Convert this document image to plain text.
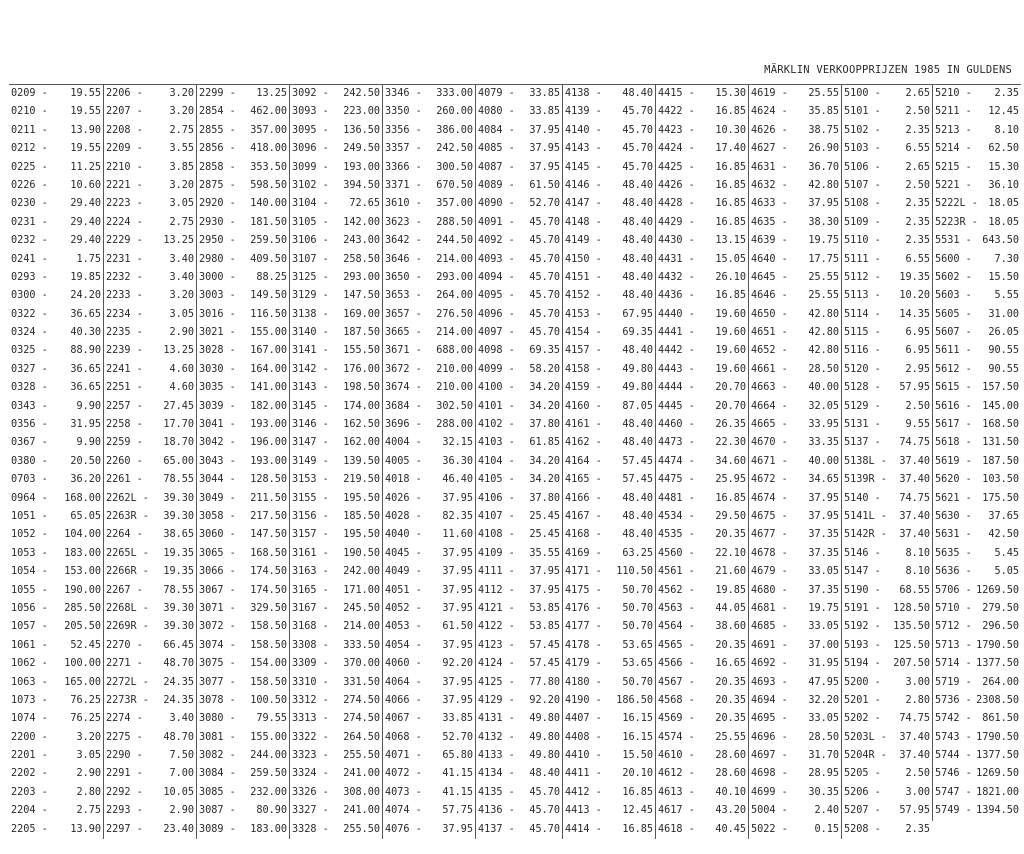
MÄRKLIN VERKOOPPRIJZEN 1985 IN GULDENS
0209 - 19.55
0210 - 19.55
0211 - 13.90
0212 - 19.55
0225 - 11.25
0226 - 10.60
0230 - 29.40
0231 - 29.40
0232 - 29.40
0241 -	1.75
0293 - 19.85
0300 - 24.20
0322 - 36.65
0324 - 40.30
0325 - 88.90
0327 - 36.65
0328 - 36.65
0343 -	9.90
0356 - 31.95
0367 -	9.90
0380 - 20.50
0703 - 36.20
0964 - 168.00
1051 - 65.05
1052 - 104.00
1053 - 183.00
1054 - 153.00
1055 - 190.00
1056 - 285.50
1057 - 205.50
1061 - 52.45
1062 - 100.00
1063 - 165.00
1073 - 76.25
1074 - 76.25
2200 -	3.20
2201 -	3.05
2202 -	2.90
2203 -	2.80
2204 -	2.75
2205 - 13.90
2206 -	3.20
2207 -	3.20
2208 -	2.75
2209 -	3.55
2210 -	3.85
2221 -	3.20
2223 -	3.05
2224 -	2.75
2229 - 13.25
2231 -	3.40
2232 -	3.40
2233 -	3.20
2234 -	3.05
2235 -	2.90
2239 - 13.25
2241 -	4.60
2251 -	4.60
2257 - 27.45
2258 - 17.70
2259 - 18.70
2260 - 65.00
2261 - 78.55
2262L - 39.30
2263R - 39.30
2264 - 38.65
2265L - 19.35
2266R - 19.35
2267 - 78.55
2268L - 39.30
2269R - 39.30
2270 - 66.45
2271 - 48.70
2272L - 24.35
2273R - 24.35
2274 -	3.40
2275 - 48.70
2290 -	7.50
2291 -	7.00
2292 - 10.05
2293 -	2.90
2297 - 23.40
2299 - 13.25
2854 - 462.00
2855 - 357.00
2856 - 418.00
2858 - 353.50
2875 - 598.50
2920 - 140.00
2930 - 181.50
2950 - 259.50
2980 - 409.50
3000 - 88.25
3003 - 149.50
3016 - 116.50
3021 - 155.00
3028 - 167.00
3030 - 164.00
3035 - 141.00
3039 - 182.00
3041 - 193.00
3042 - 196.00
3043 - 193.00
3044 - 128.50
3049 - 211.50
3058 - 217.50
3060 - 147.50
3065 - 168.50
3066 - 174.50
3067 - 174.50
3071 - 329.50
3072 - 158.50
3074 - 158.50
3075 - 154.00
3077 - 158.50
3078 - 100.50
3080 - 79.55
3081 - 155.00
3082 - 244.00
3084 - 259.50
3085 - 232.00
3087 - 80.90
3089 - 183.00
3092 - 242.50
3093 - 223.00
3095 - 136.50
3096 - 249.50
3099 - 193.00
3102 - 394.50
3104 - 72.65
3105 - 142.00
3106 - 243.00
3107 - 258.50
3125 - 293.00
3129 - 147.50
3138 - 169.00
3140 - 187.50
3141 - 155.50
3142 - 176.00
3143 - 198.50
3145 - 174.00
3146 - 162.50
3147 - 162.00
3149 - 139.50
3153 - 219.50
3155 - 195.50
3156 - 185.50
3157 - 195.50
3161 - 190.50
3163 - 242.00
3165 - 171.00
3167 - 245.50
3168 - 214.00
3308 - 333.50
3309 - 370.00
3310 - 331.50
3312 - 274.50
3313 - 274.50
3322 - 264.50
3323 - 255.50
3324 - 241.00
3326 - 308.00
3327 - 241.00
3328 - 255.50
3346 - 333.00
3350 - 260.00
3356 - 386.00
3357 - 242.50
3366 - 300.50
3371 - 670.50
3610 - 357.00
3623 - 288.50
3642 - 244.50
3646 - 214.00
3650 - 293.00
3653 - 264.00
3657 - 276.50
3665 - 214.00
3671 - 688.00
3672 - 210.00
3674 - 210.00
3684 - 302.50
3696 - 288.00
4004 - 32.15
4005 - 36.30
4018 - 46.40
4026 - 37.95
4028 - 82.35
4040 - 11.60
4045 - 37.95
4049 - 37.95
4051 - 37.95
4052 - 37.95
4053 - 61.50
4054 - 37.95
4060 - 92.20
4064 - 37.95
4066 - 37.95
4067 - 33.85
4068 - 52.70
4071 - 65.80
4072 - 41.15
4073 - 41.15
4074 - 57.75
4076 - 37.95
4079 - 33.85
4080 - 33.85
4084 - 37.95
4085 - 37.95
4087 - 37.95
4089 - 61.50
4090 - 52.70
4091 - 45.70
4092 - 45.70
4093 - 45.70
4094 - 45.70
4095 - 45.70
4096 - 45.70
4097 - 45.70
4098 - 69.35
4099 - 58.20
4100 - 34.20
4101 - 34.20
4102 - 37.80
4103 - 61.85
4104 - 34.20
4105 - 34.20
4106 - 37.80
4107 - 25.45
4108 - 25.45
4109 - 35.55
4111 - 37.95
4112 - 37.95
4121 - 53.85
4122 - 53.85
4123 - 57.45
4124 - 57.45
4125 - 77.80
4129 - 92.20
4131 - 49.80
4132 - 49.80
4133 - 49.80
4134 - 48.40
4135 - 45.70
4136 - 45.70
4137 - 45.70
4138 - 48.40
4139 - 45.70
4140 - 45.70
4143 - 45.70
4145 - 45.70
4146 - 48.40
4147 - 48.40
4148 - 48.40
4149 - 48.40
4150 - 48.40
4151 - 48.40
4152 - 48.40
4153 - 67.95
4154 - 69.35
4157 - 48.40
4158 - 49.80
4159 - 49.80
4160 - 87.05
4161 - 48.40
4162 - 48.40
4164 - 57.45
4165 - 57.45
4166 - 48.40
4167 - 48.40
4168 - 48.40
4169 - 63.25
4171 - 110.50
4175 - 50.70
4176 - 50.70
4177 - 50.70
4178 - 53.65
4179 - 53.65
4180 - 50.70
4190 - 186.50
4407 - 16.15
4408 - 16.15
4410 - 15.50
4411 - 20.10
4412 - 16.85
4413 - 12.45
4414 - 16.85
4415 - 15.30
4422 - 16.85
4423 - 10.30
4424 - 17.40
4425 - 16.85
4426 - 16.85
4428 - 16.85
4429 - 16.85
4430 - 13.15
4431 - 15.05
4432 - 26.10
4436 - 16.85
4440 - 19.60
4441 - 19.60
4442 - 19.60
4443 - 19.60
4444 - 20.70
4445 - 20.70
4460 - 26.35
4473 - 22.30
4474 - 34.60
4475 - 25.95
4481 - 16.85
4534 - 29.50
4535 - 20.35
4560 - 22.10
4561 - 21.60
4562 - 19.85
4563 - 44.05
4564 - 38.60
4565 - 20.35
4566 - 16.65
4567 - 20.35
4568 - 20.35
4569 - 20.35
4574 - 25.55
4610 - 28.60
4612 - 28.60
4613 - 40.10
4617 - 43.20
4618 - 40.45
4619 - 25.55
4624 - 35.85
4626 - 38.75
4627 - 26.90
4631 - 36.70
4632 - 42.80
4633 - 37.95
4635 - 38.30
4639 - 19.75
4640 - 17.75
4645 - 25.55
4646 - 25.55
4650 - 42.80
4651 - 42.80
4652 - 42.80
4661 - 28.50
4663 - 40.00
4664 - 32.05
4665 - 33.95
4670 - 33.35
4671 - 40.00
4672 - 34.65
4674 - 37.95
4675 - 37.95
4677 - 37.35
4678 - 37.35
4679 - 33.05
4680 - 37.35
4681 - 19.75
4685 - 33.05
4691 - 37.00
4692 - 31.95
4693 - 47.95
4694 - 32.20
4695 - 33.05
4696 - 28.50
4697 - 31.70
4698 - 28.95
4699 - 30.35
5004 -	2.40
5022 -	0.15
5100 - 2.65
5101 - 2.50
5102 - 2.35
5103 - 6.55
5106 - 2.65
5107 - 2.50
5108 - 2.35
5109 - 2.35
5110 - 2.35
5111 - 6.55
5112 - 19.35
5113 - 10.20
5114 - 14.35
5115 - 6.95
5116 - 6.95
5120 - 2.95
5128 - 57.95
5129 - 2.50
5131 - 9.55
5137 - 74.75
5138L - 37.40
5139R - 37.40
5140 - 74.75
5141L - 37.40
5142R - 37.40
5146 - 8.10
5147 - 8.10
5190 - 68.55
5191 - 128.50
5192 - 135.50
5193 - 125.50
5194 - 207.50
5200 - 3.00
5201 - 2.80
5202 - 74.75
5203L - 37.40
5204R - 37.40
5205 - 2.50
5206 - 3.00
5207 - 57.95
5208 - 2.35
5210 - 2.35
5211 - 12.45
5213 - 8.10
5214 - 62.50
5215 - 15.30
5221 - 36.10
5222L - 18.05
5223R - 18.05
5531 - 643.50
5600 - 7.30
5602 - 15.50
5603 - 5.55
5605 - 31.00
5607 - 26.05
5611 - 90.55
5612 - 90.55
5615 - 157.50
5616 - 145.00
5617 - 168.50
5618 - 131.50
5619 - 187.50
5620 - 103.50
5621 - 175.50
5630 - 37.65
5631 - 42.50
5635 - 5.45
5636 - 5.05
5706 - 1269.50
5710 - 279.50
5712 - 296.50
5713 - 1790.50
5714 - 1377.50
5719 - 264.00
5736 - 2308.50
5742 - 861.50
5743 - 1790.50
5744 - 1377.50
5746 - 1269.50
5747 - 1821.00
5749 - 1394.50
